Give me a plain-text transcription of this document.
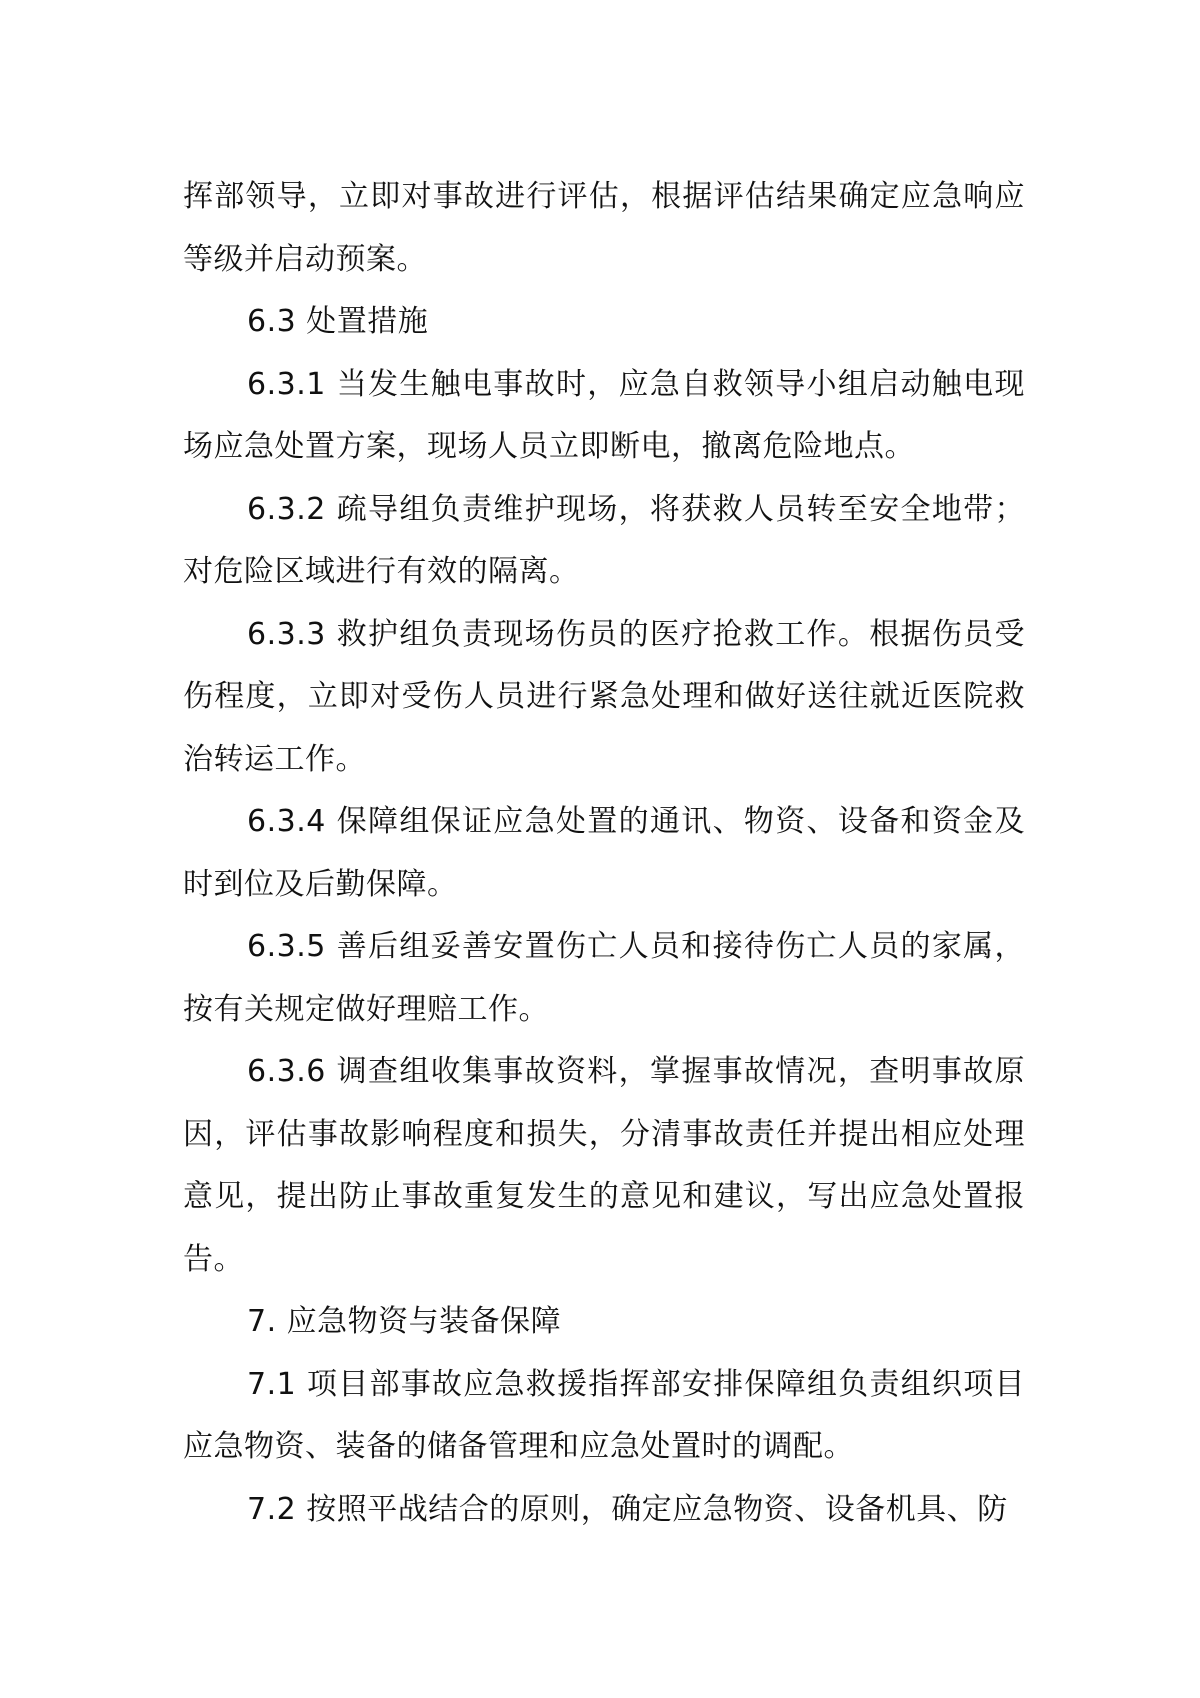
挥部领导，立即对事故进行评估，根据评估结果确定应急响应等级并启动预案。

6.3 处置措施

6.3.1 当发生触电事故时，应急自救领导小组启动触电现场应急处置方案，现场人员立即断电，撤离危险地点。

6.3.2 疏导组负责维护现场，将获救人员转至安全地带；对危险区域进行有效的隔离。

6.3.3 救护组负责现场伤员的医疗抢救工作。根据伤员受伤程度，立即对受伤人员进行紧急处理和做好送往就近医院救治转运工作。

6.3.4 保障组保证应急处置的通讯、物资、设备和资金及时到位及后勤保障。

6.3.5 善后组妥善安置伤亡人员和接待伤亡人员的家属，按有关规定做好理赔工作。

6.3.6 调查组收集事故资料，掌握事故情况，查明事故原因，评估事故影响程度和损失，分清事故责任并提出相应处理意见，提出防止事故重复发生的意见和建议，写出应急处置报告。

7. 应急物资与装备保障

7.1 项目部事故应急救援指挥部安排保障组负责组织项目应急物资、装备的储备管理和应急处置时的调配。

7.2 按照平战结合的原则，确定应急物资、设备机具、防
